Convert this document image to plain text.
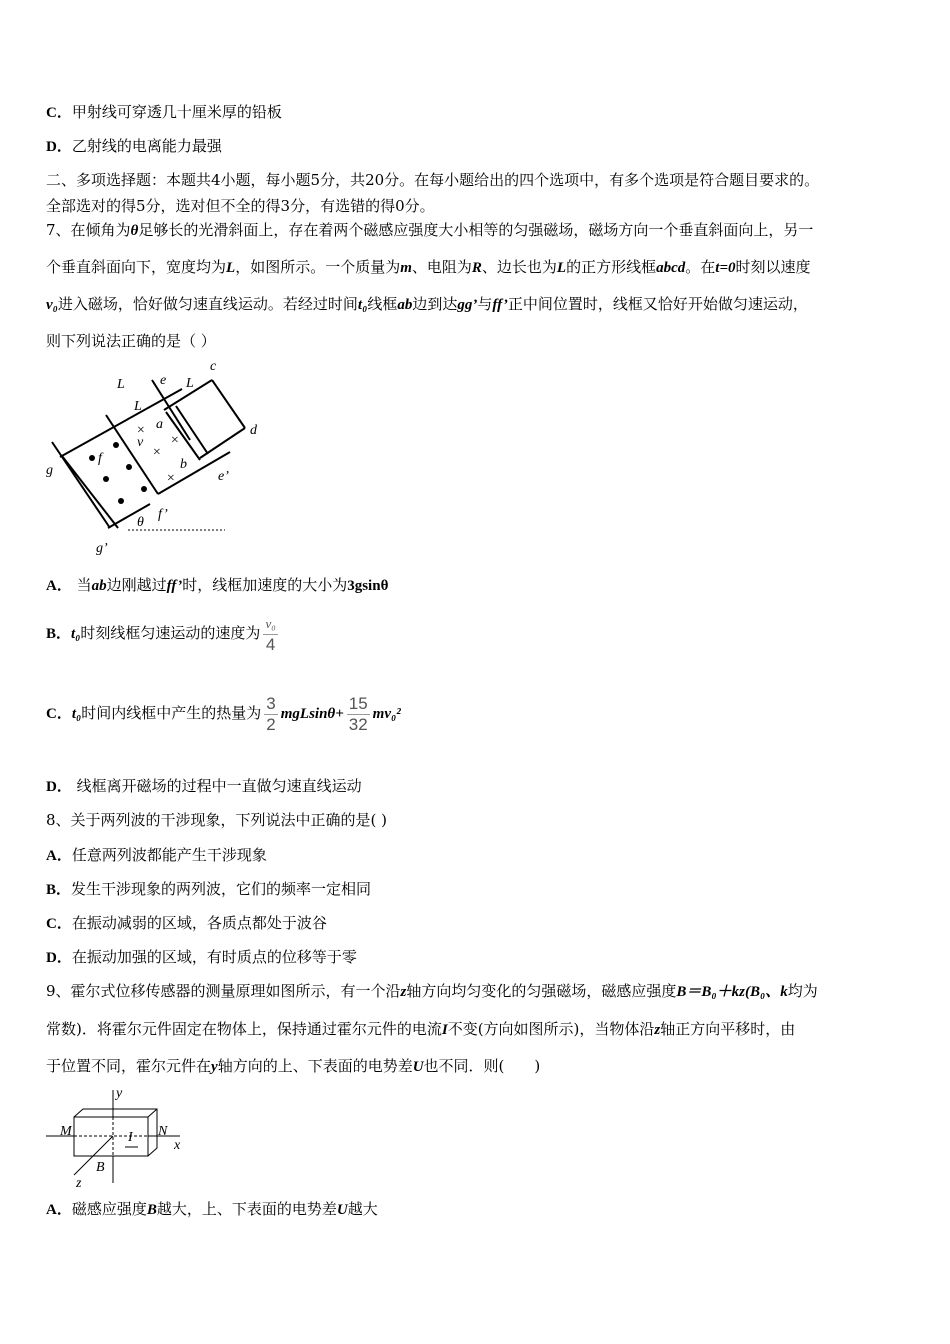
C．甲射线可穿透几十厘米厚的铅板
D．乙射线的电离能力最强
二、多项选择题：本题共4小题，每小题5分，共20分。在每小题给出的四个选项中，有多个选项是符合题目要求的。
全部选对的得5分，选对但不全的得3分，有选错的得0分。
7、在倾角为θ足够长的光滑斜面上，存在着两个磁感应强度大小相等的匀强磁场，磁场方向一个垂直斜面向上，另一
个垂直斜面向下，宽度均为L，如图所示。一个质量为m、电阻为R、边长也为L的正方形线框abcd。在t=0时刻以速度
v₀进入磁场，恰好做匀速直线运动。若经过时间t₀线框ab边到达gg’与ff’正中间位置时，线框又恰好开始做匀速运动，
则下列说法正确的是（ ）
L
L
L
c
d
e
e’
a
b
v
f
f’
g
g’
θ
×
×
×
×
A． 当ab边刚越过ff’时，线框加速度的大小为3gsinθ
B．t₀时刻线框匀速运动的速度为 $\frac{\text{v₀}}{4}$
C．t₀时间内线框中产生的热量为 $\frac{3}{2} mgLsin\theta+ \frac{15}{32} mv_0^2$
D． 线框离开磁场的过程中一直做匀速直线运动
8、关于两列波的干涉现象，下列说法中正确的是( )
A．任意两列波都能产生干涉现象
B．发生干涉现象的两列波，它们的频率一定相同
C．在振动减弱的区域，各质点都处于波谷
D．在振动加强的区域，有时质点的位移等于零
9、霍尔式位移传感器的测量原理如图所示，有一个沿z轴方向均匀变化的匀强磁场，磁感应强度B＝B₀＋kz(B₀、k均为
常数)．将霍尔元件固定在物体上，保持通过霍尔元件的电流I不变(方向如图所示)，当物体沿z轴正方向平移时，由
于位置不同，霍尔元件在y轴方向的上、下表面的电势差U也不同．则(　　)
y
x
z
M	N
I
B
A．磁感应强度B越大，上、下表面的电势差U越大
